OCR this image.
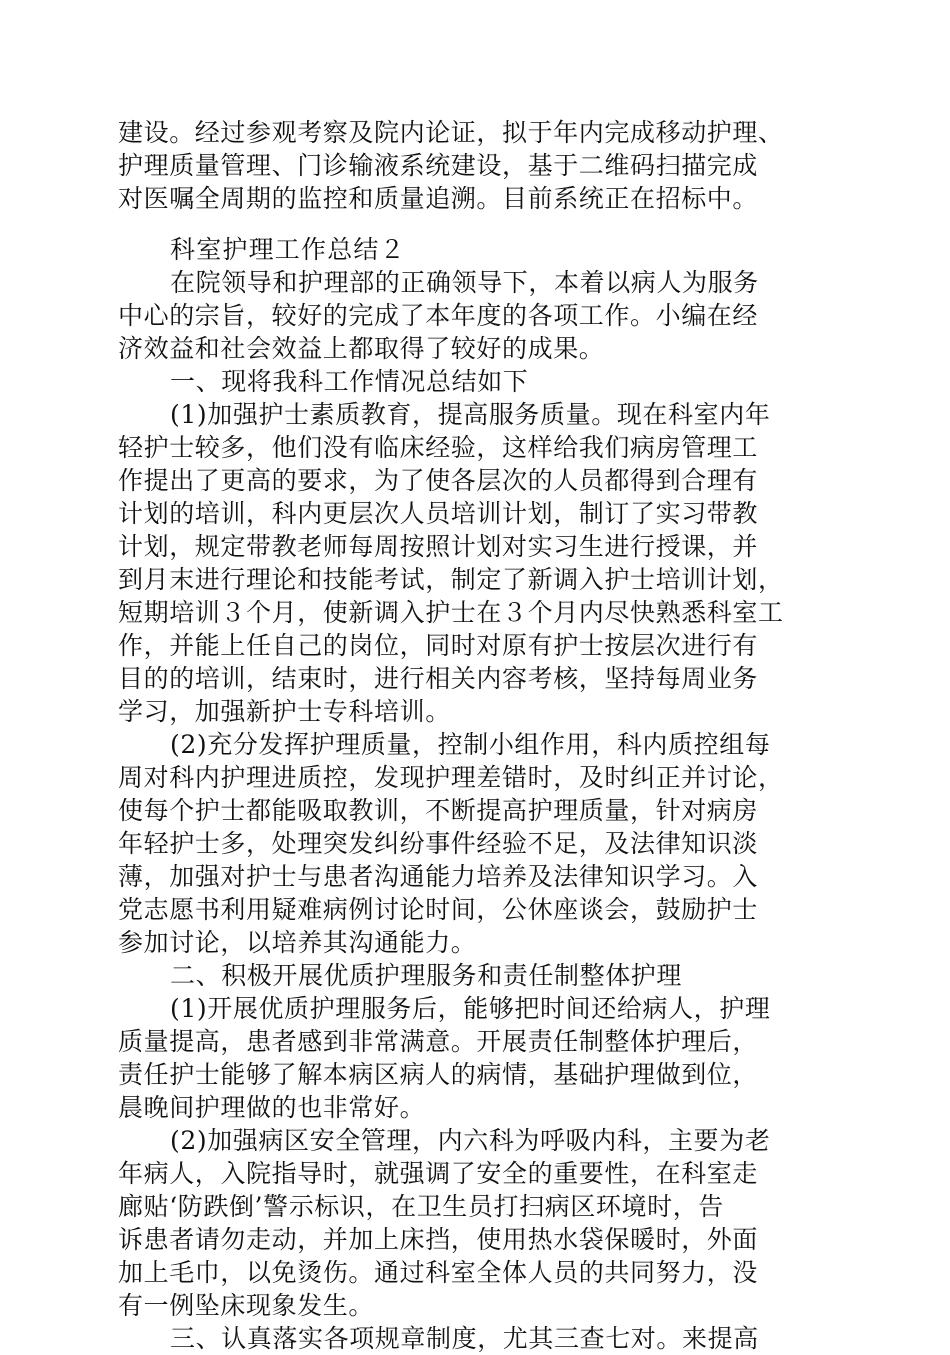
建设。经过参观考察及院内论证，拟于年内完成移动护理、
护理质量管理、门诊输液系统建设，基于二维码扫描完成
对医嘱全周期的监控和质量追溯。目前系统正在招标中。
科室护理工作总结２
在院领导和护理部的正确领导下，本着以病人为服务
中心的宗旨，较好的完成了本年度的各项工作。小编在经
济效益和社会效益上都取得了较好的成果。
一、现将我科工作情况总结如下
(1)加强护士素质教育，提高服务质量。现在科室内年
轻护士较多，他们没有临床经验，这样给我们病房管理工
作提出了更高的要求，为了使各层次的人员都得到合理有
计划的培训，科内更层次人员培训计划，制订了实习带教
计划，规定带教老师每周按照计划对实习生进行授课，并
到月末进行理论和技能考试，制定了新调入护士培训计划，
短期培训３个月，使新调入护士在３个月内尽快熟悉科室工
作，并能上任自己的岗位，同时对原有护士按层次进行有
目的的培训，结束时，进行相关内容考核，坚持每周业务
学习，加强新护士专科培训。
(2)充分发挥护理质量，控制小组作用，科内质控组每
周对科内护理进质控，发现护理差错时，及时纠正并讨论，
使每个护士都能吸取教训，不断提高护理质量，针对病房
年轻护士多，处理突发纠纷事件经验不足，及法律知识淡
薄，加强对护士与患者沟通能力培养及法律知识学习。入
党志愿书利用疑难病例讨论时间，公休座谈会，鼓励护士
参加讨论，以培养其沟通能力。
二、积极开展优质护理服务和责任制整体护理
(1)开展优质护理服务后，能够把时间还给病人，护理
质量提高，患者感到非常满意。开展责任制整体护理后，
责任护士能够了解本病区病人的病情，基础护理做到位，
晨晚间护理做的也非常好。
(2)加强病区安全管理，内六科为呼吸内科，主要为老
年病人，入院指导时，就强调了安全的重要性，在科室走
廊贴‘防跌倒’警示标识，在卫生员打扫病区环境时，告
诉患者请勿走动，并加上床挡，使用热水袋保暖时，外面
加上毛巾，以免烫伤。通过科室全体人员的共同努力，没
有一例坠床现象发生。
三、认真落实各项规章制度，尤其三查七对。来提高
